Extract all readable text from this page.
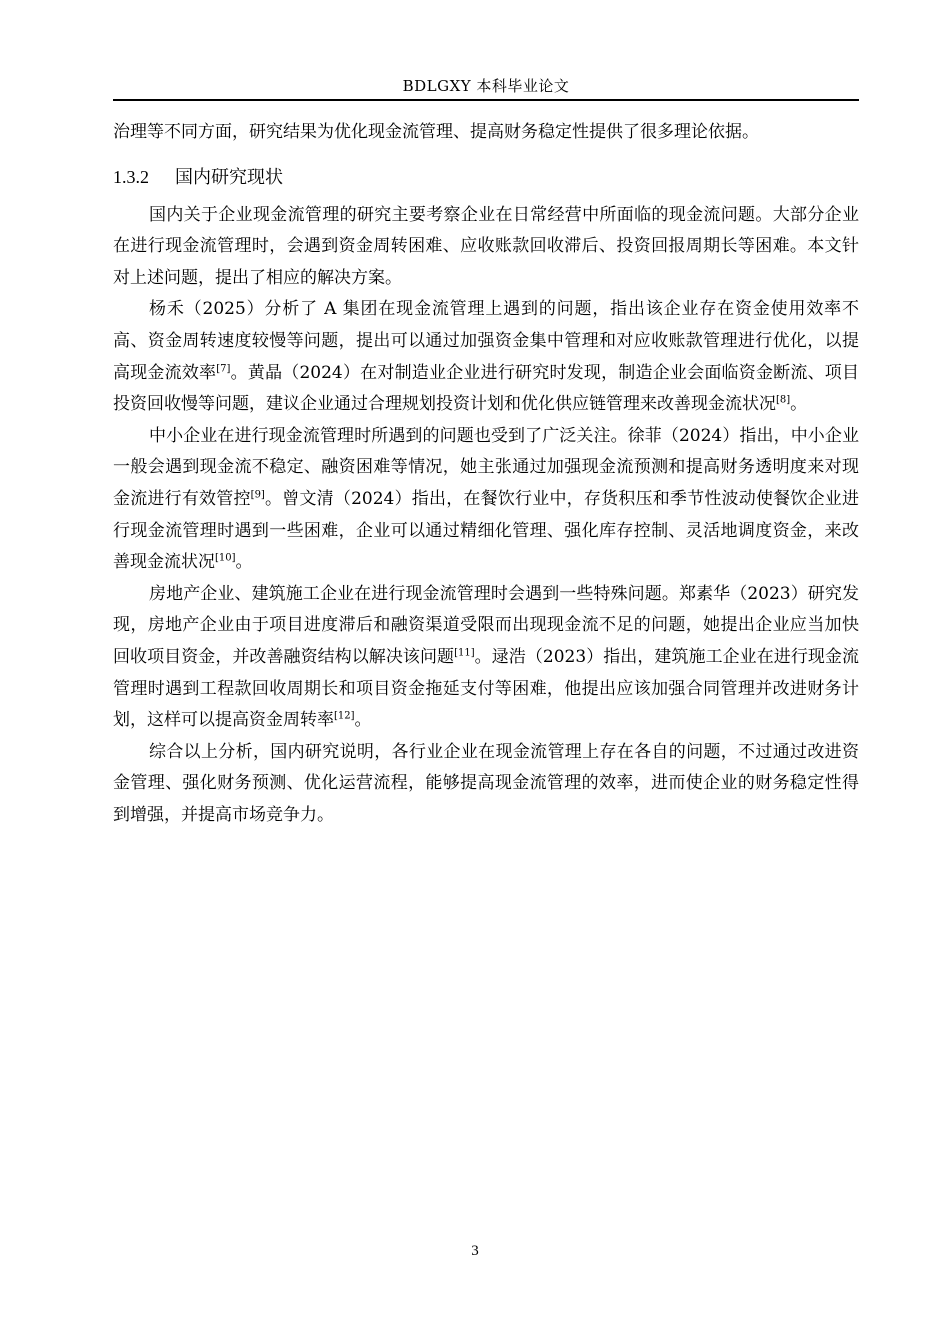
BDLGXY 本科毕业论文

治理等不同方面，研究结果为优化现金流管理、提高财务稳定性提供了很多理论依据。

1.3.2 国内研究现状

国内关于企业现金流管理的研究主要考察企业在日常经营中所面临的现金流问题。大部分企业在进行现金流管理时，会遇到资金周转困难、应收账款回收滞后、投资回报周期长等困难。本文针对上述问题，提出了相应的解决方案。

杨禾（2025）分析了 A 集团在现金流管理上遇到的问题，指出该企业存在资金使用效率不高、资金周转速度较慢等问题，提出可以通过加强资金集中管理和对应收账款管理进行优化，以提高现金流效率[7]。黄晶（2024）在对制造业企业进行研究时发现，制造企业会面临资金断流、项目投资回收慢等问题，建议企业通过合理规划投资计划和优化供应链管理来改善现金流状况[8]。

中小企业在进行现金流管理时所遇到的问题也受到了广泛关注。徐菲（2024）指出，中小企业一般会遇到现金流不稳定、融资困难等情况，她主张通过加强现金流预测和提高财务透明度来对现金流进行有效管控[9]。曾文清（2024）指出，在餐饮行业中，存货积压和季节性波动使餐饮企业进行现金流管理时遇到一些困难，企业可以通过精细化管理、强化库存控制、灵活地调度资金，来改善现金流状况[10]。

房地产企业、建筑施工企业在进行现金流管理时会遇到一些特殊问题。郑素华（2023）研究发现，房地产企业由于项目进度滞后和融资渠道受限而出现现金流不足的问题，她提出企业应当加快回收项目资金，并改善融资结构以解决该问题[11]。逯浩（2023）指出，建筑施工企业在进行现金流管理时遇到工程款回收周期长和项目资金拖延支付等困难，他提出应该加强合同管理并改进财务计划，这样可以提高资金周转率[12]。

综合以上分析，国内研究说明，各行业企业在现金流管理上存在各自的问题，不过通过改进资金管理、强化财务预测、优化运营流程，能够提高现金流管理的效率，进而使企业的财务稳定性得到增强，并提高市场竞争力。

3
